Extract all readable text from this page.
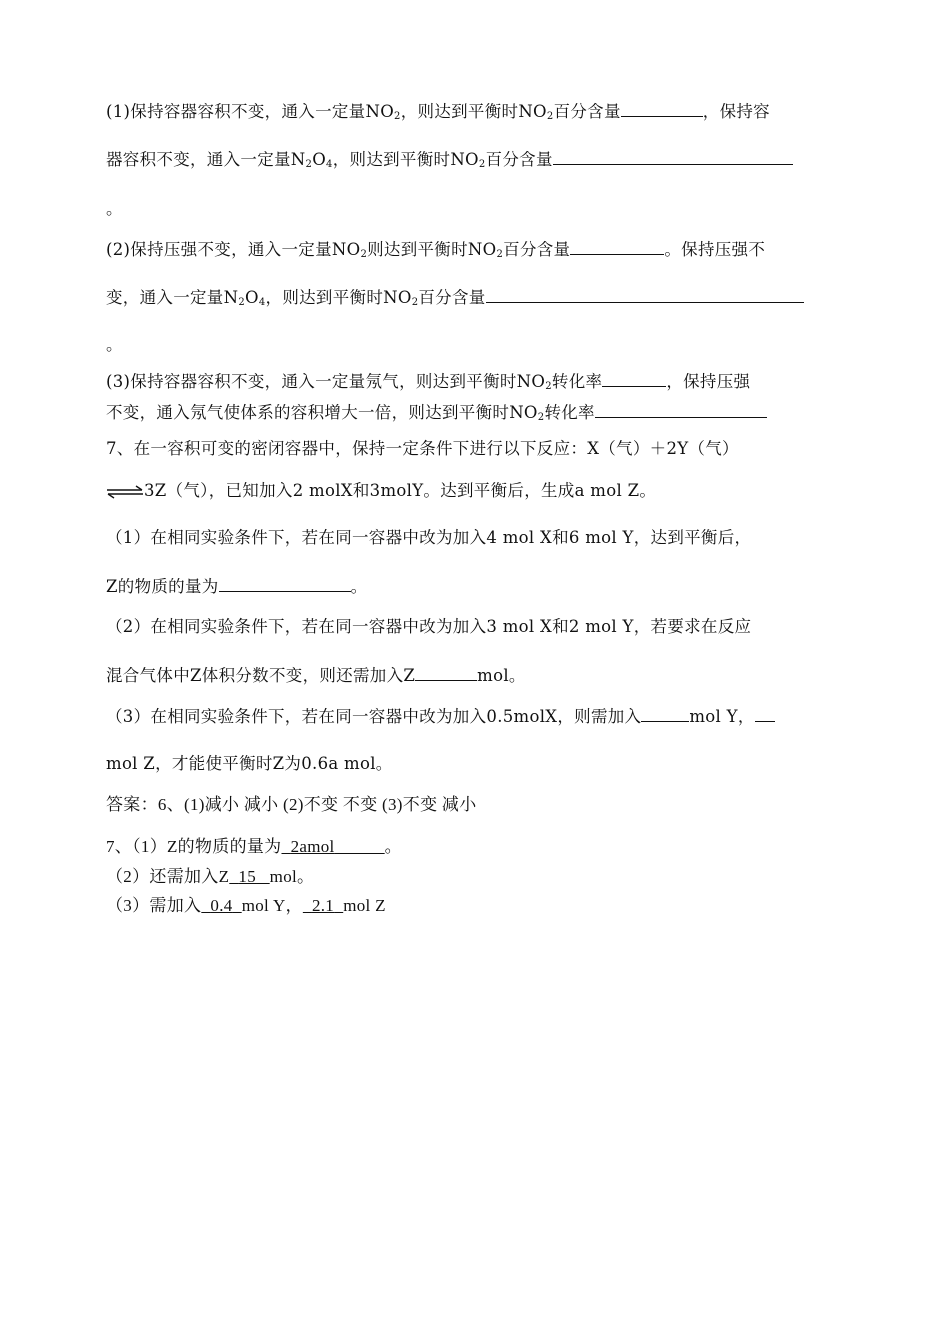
(1)保持容器容积不变，通入一定量$NO_2$，则达到平衡时$NO_2$百分含量	，保持容
器容积不变，通入一定量$N_2O_4$，则达到平衡时$NO_2$百分含量
。
(2)保持压强不变，通入一定量$NO_2$则达到平衡时$NO_2$百分含量	。保持压强不
变，通入一定量$N_2O_4$，则达到平衡时$NO_2$百分含量
。
(3)保持容器容积不变，通入一定量氖气，则达到平衡时$NO_2$转化率	，保持压强
不变，通入氖气使体系的容积增大一倍，则达到平衡时$NO_2$转化率
7、在一容积可变的密闭容器中，保持一定条件下进行以下反应：X（气）＋2Y（气）
⇌3Z（气），已知加入2 molX和3molY。达到平衡后，生成a mol Z。
（1）在相同实验条件下，若在同一容器中改为加入4 mol X和6 mol Y，达到平衡后，
Z的物质的量为	。
（2）在相同实验条件下，若在同一容器中改为加入3 mol X和2 mol Y，若要求在反应
混合气体中Z体积分数不变，则还需加入Z	mol。
（3）在相同实验条件下，若在同一容器中改为加入0.5molX，则需加入	mol Y，
mol Z，才能使平衡时Z为0.6a mol。
答案：6、(1)减小 减小 (2)不变 不变 (3)不变 减小
7、（1）Z的物质的量为 2amol	。
（2）还需加入Z 15 mol。
（3）需加入 0.4 mol Y， 2.1 mol Z
